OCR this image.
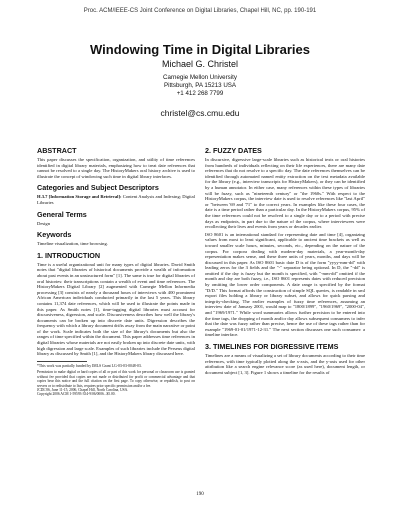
Proc. ACM/IEEE-CS Joint Conference on Digital Libraries, Chapel Hill, NC, pp. 190-191
Windowing Time in Digital Libraries
Michael G. Christel
Carnegie Mellon University
Pittsburgh, PA 15213 USA
+1 412 268 7799
christel@cs.cmu.edu
ABSTRACT

This paper discusses the specification, organization, and utility of time references identified in digital library materials, emphasizing how to treat date references that cannot be resolved to a single day. The HistoryMakers oral history archive is used to illustrate the concept of windowing such time in digital library interfaces.

Categories and Subject Descriptors

H.3.7 [Information Storage and Retrieval]: Content Analysis and Indexing; Digital Libraries

General Terms

Design

Keywords

Timeline visualization, time browsing.

1. INTRODUCTION

Time is a useful organizational unit for many types of digital libraries. David Smith notes that "digital libraries of historical documents provide a wealth of information about past events in an unstructured form" [1]. The same is true for digital libraries of oral histories: their transcriptions contain a wealth of event and time references. The HistoryMakers Digital Library [2] augmented with Carnegie Mellon Informedia processing [3] consists of nearly a thousand hours of interviews with 400 prominent African American individuals conducted primarily in the last 5 years. This library contains 11,374 date references, which will be used to illustrate the points made in this paper. As Smith notes [1], time-tagging digital libraries must account for discursiveness, digression, and scale. Discursiveness describes how well the library's documents can be broken up into discrete date units. Digression describes the frequency with which a library document drifts away from the main narrative or point of the work. Scale indicates both the size of the library's documents but also the ranges of time specified within the document. This paper addresses time references in digital libraries whose materials are not easily broken up into discrete date units, with high digression and large scale. Examples of such libraries include the Perseus digital library as discussed by Smith [1], and the HistoryMakers library discussed here.

*This work was partially funded by IMLS Grant LG-03-03-0048-03.

Permission to make digital or hard copies of all or part of this work for personal or classroom use is granted without fee provided that copies are not made or distributed for profit or commercial advantage and that copies bear this notice and the full citation on the first page. To copy otherwise, or republish, to post on servers or to redistribute to lists, requires prior specific permission and/or a fee.

JCDL'06, June 11-15, 2006, Chapel Hill, North Carolina, USA.

Copyright 2006 ACM 1-59593-354-9/06/0006...$5.00.

2. FUZZY DATES

In discursive, digressive large-scale libraries such as historical texts or oral histories from hundreds of individuals reflecting on their life experiences, there are many date references that do not resolve to a specific day. The date references themselves can be identified through automated named entity extraction on the text metadata available for the library (e.g., interview transcripts for HistoryMakers), or they can be identified by a human annotator. In either case, many references within these types of libraries will be fuzzy, such as "nineteenth century" or "the 1960s." With respect to the HistoryMakers corpus, the interview date is used to resolve references like "last April" or "between '69 and '71" to the correct years. In examples like these four cases, the date is a time period rather than a particular day. In the HistoryMakers corpus, 95% of the time references could not be resolved to a single day or to a period with precise days as endpoints, in part due to the nature of the corpus, where interviewees were recollecting their lives and events from years or decades earlier.

ISO 8601 is an international standard for representing date and time [4], organizing values from most to least significant, applicable to ancient time brackets as well as toward smaller scale hours, minutes, seconds, etc., depending on the nature of the corpus. For corpora dealing with modern-day materials, a year-month-day representation makes sense, and these three units of years, months, and days will be discussed in this paper. As ISO 8601 basic date D is of the form "yyyy-mm-dd" with leading zeros for the 3 fields and the "-" separator being optional. In D, the "-dd" is omitted if the day is fuzzy but the month is specified, with "-mm-dd" omitted if the month and day are both fuzzy, i.e., ISO 8601 represents dates with reduced precision by omitting the lower order components. A date range is specified by the format "D/D." This format affords the construction of simple SQL queries, is readable in xml export files holding a library or library subset, and allows for quick parsing and integrity-checking. The earlier examples of fuzzy time references, assuming an interview date of January 2001, would map to "1800/1899", "1960/1969", "2000-04", and "1969/1971." While word summaries allows further precision to be entered into the time tags, the dropping of month and/or day allows subsequent consumers to infer that the date was fuzzy rather than precise, hence the use of these tags rather than for example "1969-01-01/1971-12-31." The next section discusses one such consumer: a timeline interface.

3. TIMELINES FOR DIGRESSIVE ITEMS

Timelines are a means of visualizing a set of library documents according to their time references, with time typically plotted along the x-axis, and the y-axis used for other attribution like a search engine relevance score (as used here), document length, or document subject [1, 3]. Figure 1 shows a timeline for the results of

190
